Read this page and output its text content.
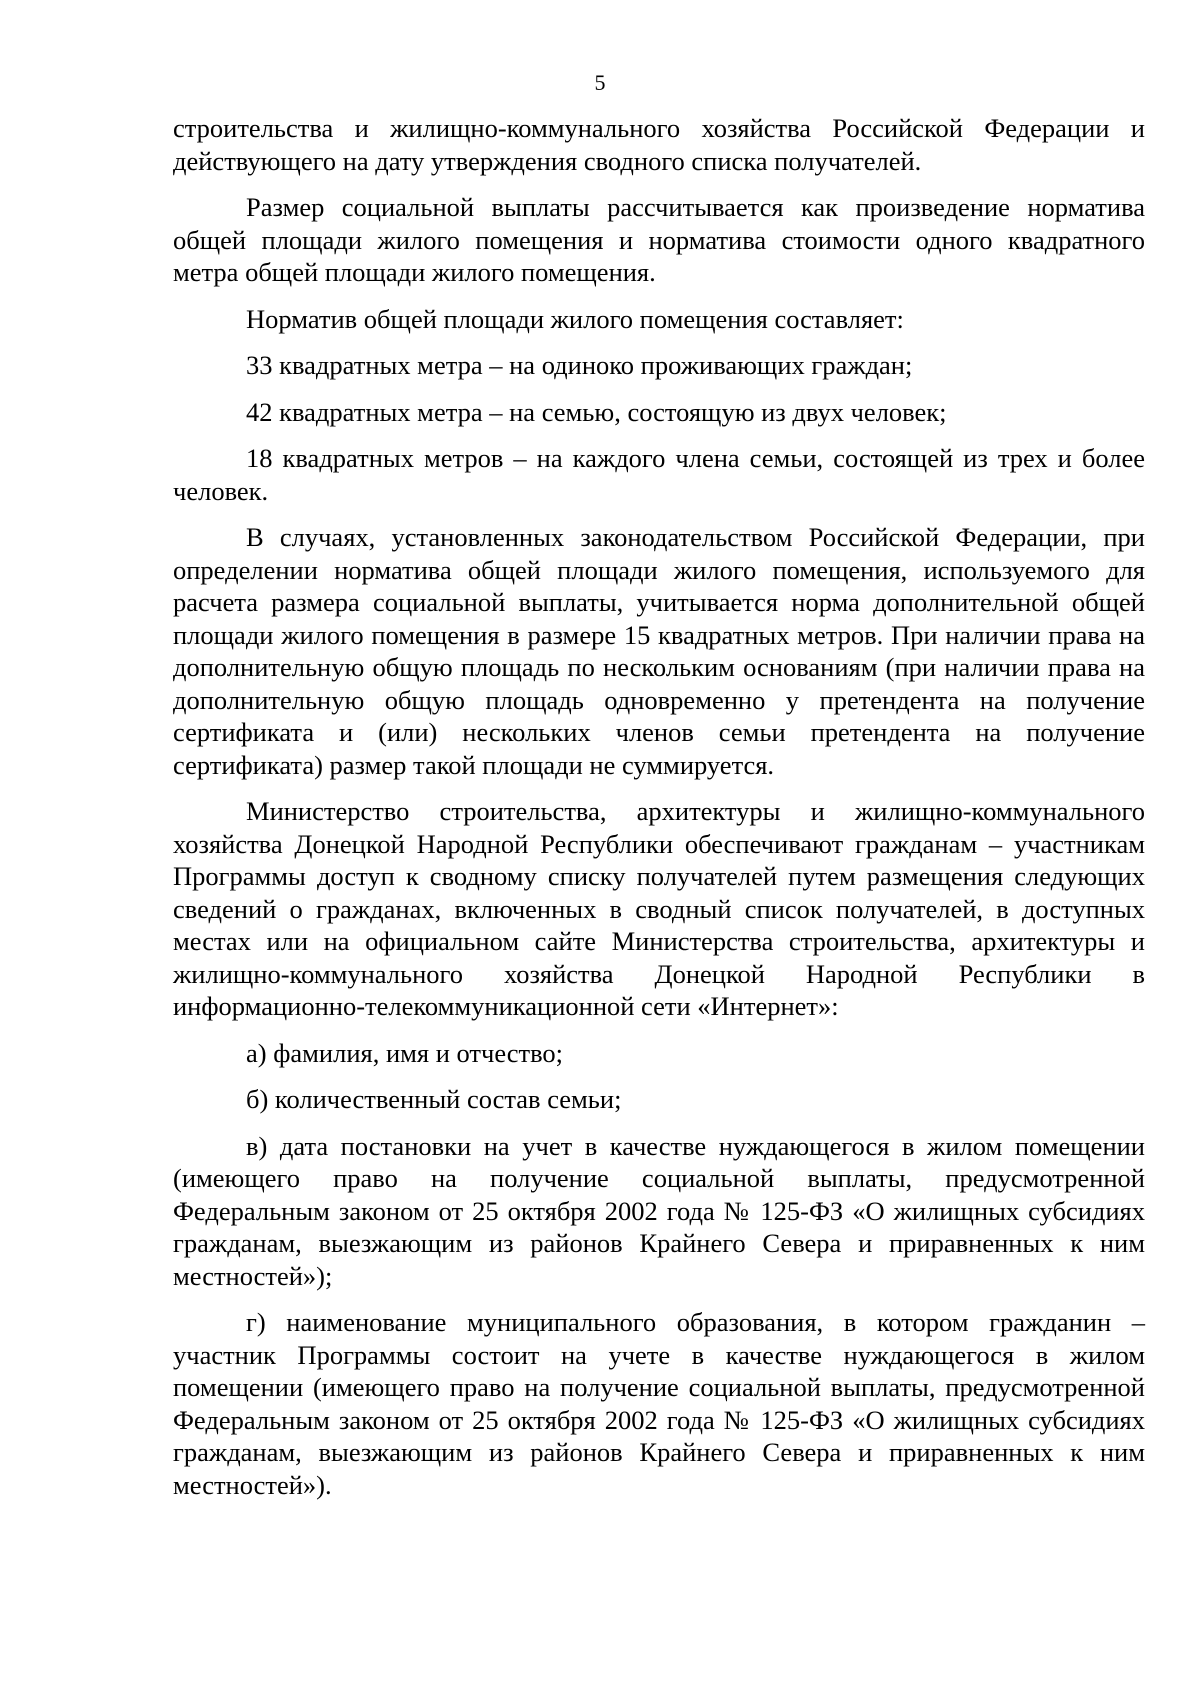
5

строительства и жилищно-коммунального хозяйства Российской Федерации и действующего на дату утверждения сводного списка получателей.

Размер социальной выплаты рассчитывается как произведение норматива общей площади жилого помещения и норматива стоимости одного квадратного метра общей площади жилого помещения.

Норматив общей площади жилого помещения составляет:

33 квадратных метра – на одиноко проживающих граждан;

42 квадратных метра – на семью, состоящую из двух человек;

18 квадратных метров – на каждого члена семьи, состоящей из трех и более человек.

В случаях, установленных законодательством Российской Федерации, при определении норматива общей площади жилого помещения, используемого для расчета размера социальной выплаты, учитывается норма дополнительной общей площади жилого помещения в размере 15 квадратных метров. При наличии права на дополнительную общую площадь по нескольким основаниям (при наличии права на дополнительную общую площадь одновременно у претендента на получение сертификата и (или) нескольких членов семьи претендента на получение сертификата) размер такой площади не суммируется.

Министерство строительства, архитектуры и жилищно-коммунального хозяйства Донецкой Народной Республики обеспечивают гражданам – участникам Программы доступ к сводному списку получателей путем размещения следующих сведений о гражданах, включенных в сводный список получателей, в доступных местах или на официальном сайте Министерства строительства, архитектуры и жилищно-коммунального хозяйства Донецкой Народной Республики в информационно-телекоммуникационной сети «Интернет»:

а) фамилия, имя и отчество;

б) количественный состав семьи;

в) дата постановки на учет в качестве нуждающегося в жилом помещении (имеющего право на получение социальной выплаты, предусмотренной Федеральным законом от 25 октября 2002 года № 125-ФЗ «О жилищных субсидиях гражданам, выезжающим из районов Крайнего Севера и приравненных к ним местностей»);

г) наименование муниципального образования, в котором гражданин – участник Программы состоит на учете в качестве нуждающегося в жилом помещении (имеющего право на получение социальной выплаты, предусмотренной Федеральным законом от 25 октября 2002 года № 125-ФЗ «О жилищных субсидиях гражданам, выезжающим из районов Крайнего Севера и приравненных к ним местностей»).
